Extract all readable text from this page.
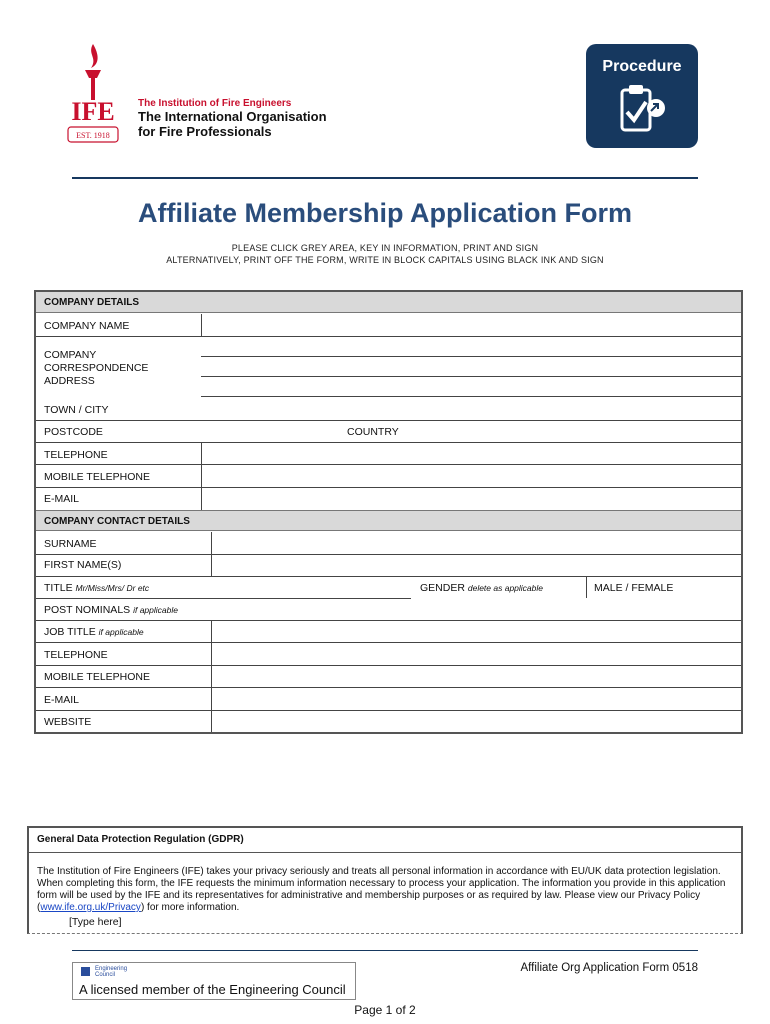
IFE
EST. 1918
The Institution of Fire Engineers
The International Organisation
for Fire Professionals
Procedure
Affiliate Membership Application Form
PLEASE CLICK GREY AREA, KEY IN INFORMATION, PRINT AND SIGN
ALTERNATIVELY, PRINT OFF THE FORM, WRITE IN BLOCK CAPITALS USING BLACK INK AND SIGN
COMPANY DETAILS
COMPANY NAME
COMPANY
CORRESPONDENCE
ADDRESS
TOWN / CITY
POSTCODE	COUNTRY
TELEPHONE
MOBILE TELEPHONE
E-MAIL
COMPANY CONTACT DETAILS
SURNAME
FIRST NAME(S)
TITLE Mr/Miss/Mrs/ Dr etc	GENDER delete as applicable	MALE / FEMALE
POST NOMINALS if applicable
JOB TITLE if applicable
TELEPHONE
MOBILE TELEPHONE
E-MAIL
WEBSITE
General Data Protection Regulation (GDPR)
The Institution of Fire Engineers (IFE) takes your privacy seriously and treats all personal information in accordance with EU/UK data protection legislation. When completing this form, the IFE requests the minimum information necessary to process your application. The information you provide in this application form will be used by the IFE and its representatives for administrative and membership purposes or as required by law. Please view our Privacy Policy (www.ife.org.uk/Privacy) for more information.
[Type here]
Engineering
Council
A licensed member of the Engineering Council
Affiliate Org Application Form 0518
Page 1 of 2
